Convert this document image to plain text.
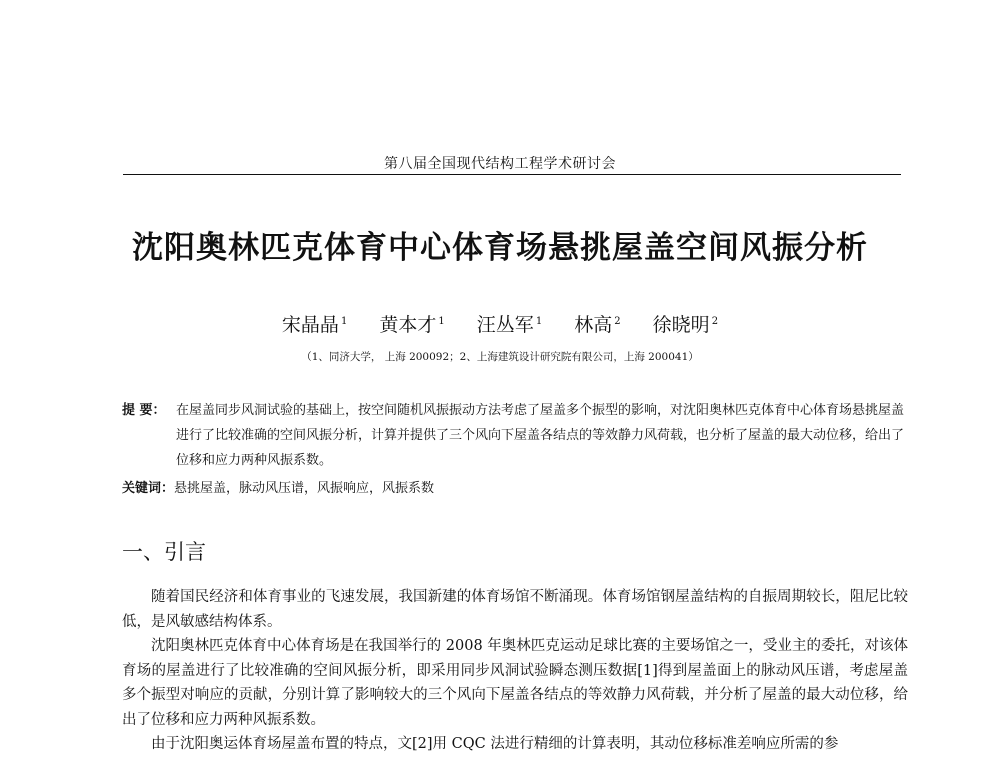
第八届全国现代结构工程学术研讨会
沈阳奥林匹克体育中心体育场悬挑屋盖空间风振分析
宋晶晶 $^1$ 黄本才 $^1$ 汪丛军 $^1$ 林高 $^2$ 徐晓明 $^2$
（1、同济大学， 上海 200092；2、上海建筑设计研究院有限公司，上海 200041）
提 要： 在屋盖同步风洞试验的基础上，按空间随机风振振动方法考虑了屋盖多个振型的影响，对沈阳奥林匹克体育中心体育场悬挑屋盖进行了比较准确的空间风振分析，计算并提供了三个风向下屋盖各结点的等效静力风荷载，也分析了屋盖的最大动位移，给出了位移和应力两种风振系数。
关键词：悬挑屋盖，脉动风压谱，风振响应，风振系数
一、引言

随着国民经济和体育事业的飞速发展，我国新建的体育场馆不断涌现。体育场馆钢屋盖结构的自振周期较长，阻尼比较低，是风敏感结构体系。

沈阳奥林匹克体育中心体育场是在我国举行的 2008 年奥林匹克运动足球比赛的主要场馆之一，受业主的委托，对该体育场的屋盖进行了比较准确的空间风振分析，即采用同步风洞试验瞬态测压数据[1]得到屋盖面上的脉动风压谱，考虑屋盖多个振型对响应的贡献，分别计算了影响较大的三个风向下屋盖各结点的等效静力风荷载，并分析了屋盖的最大动位移，给出了位移和应力两种风振系数。

由于沈阳奥运体育场屋盖布置的特点，文[2]用 CQC 法进行精细的计算表明，其动位移标准差响应所需的参
